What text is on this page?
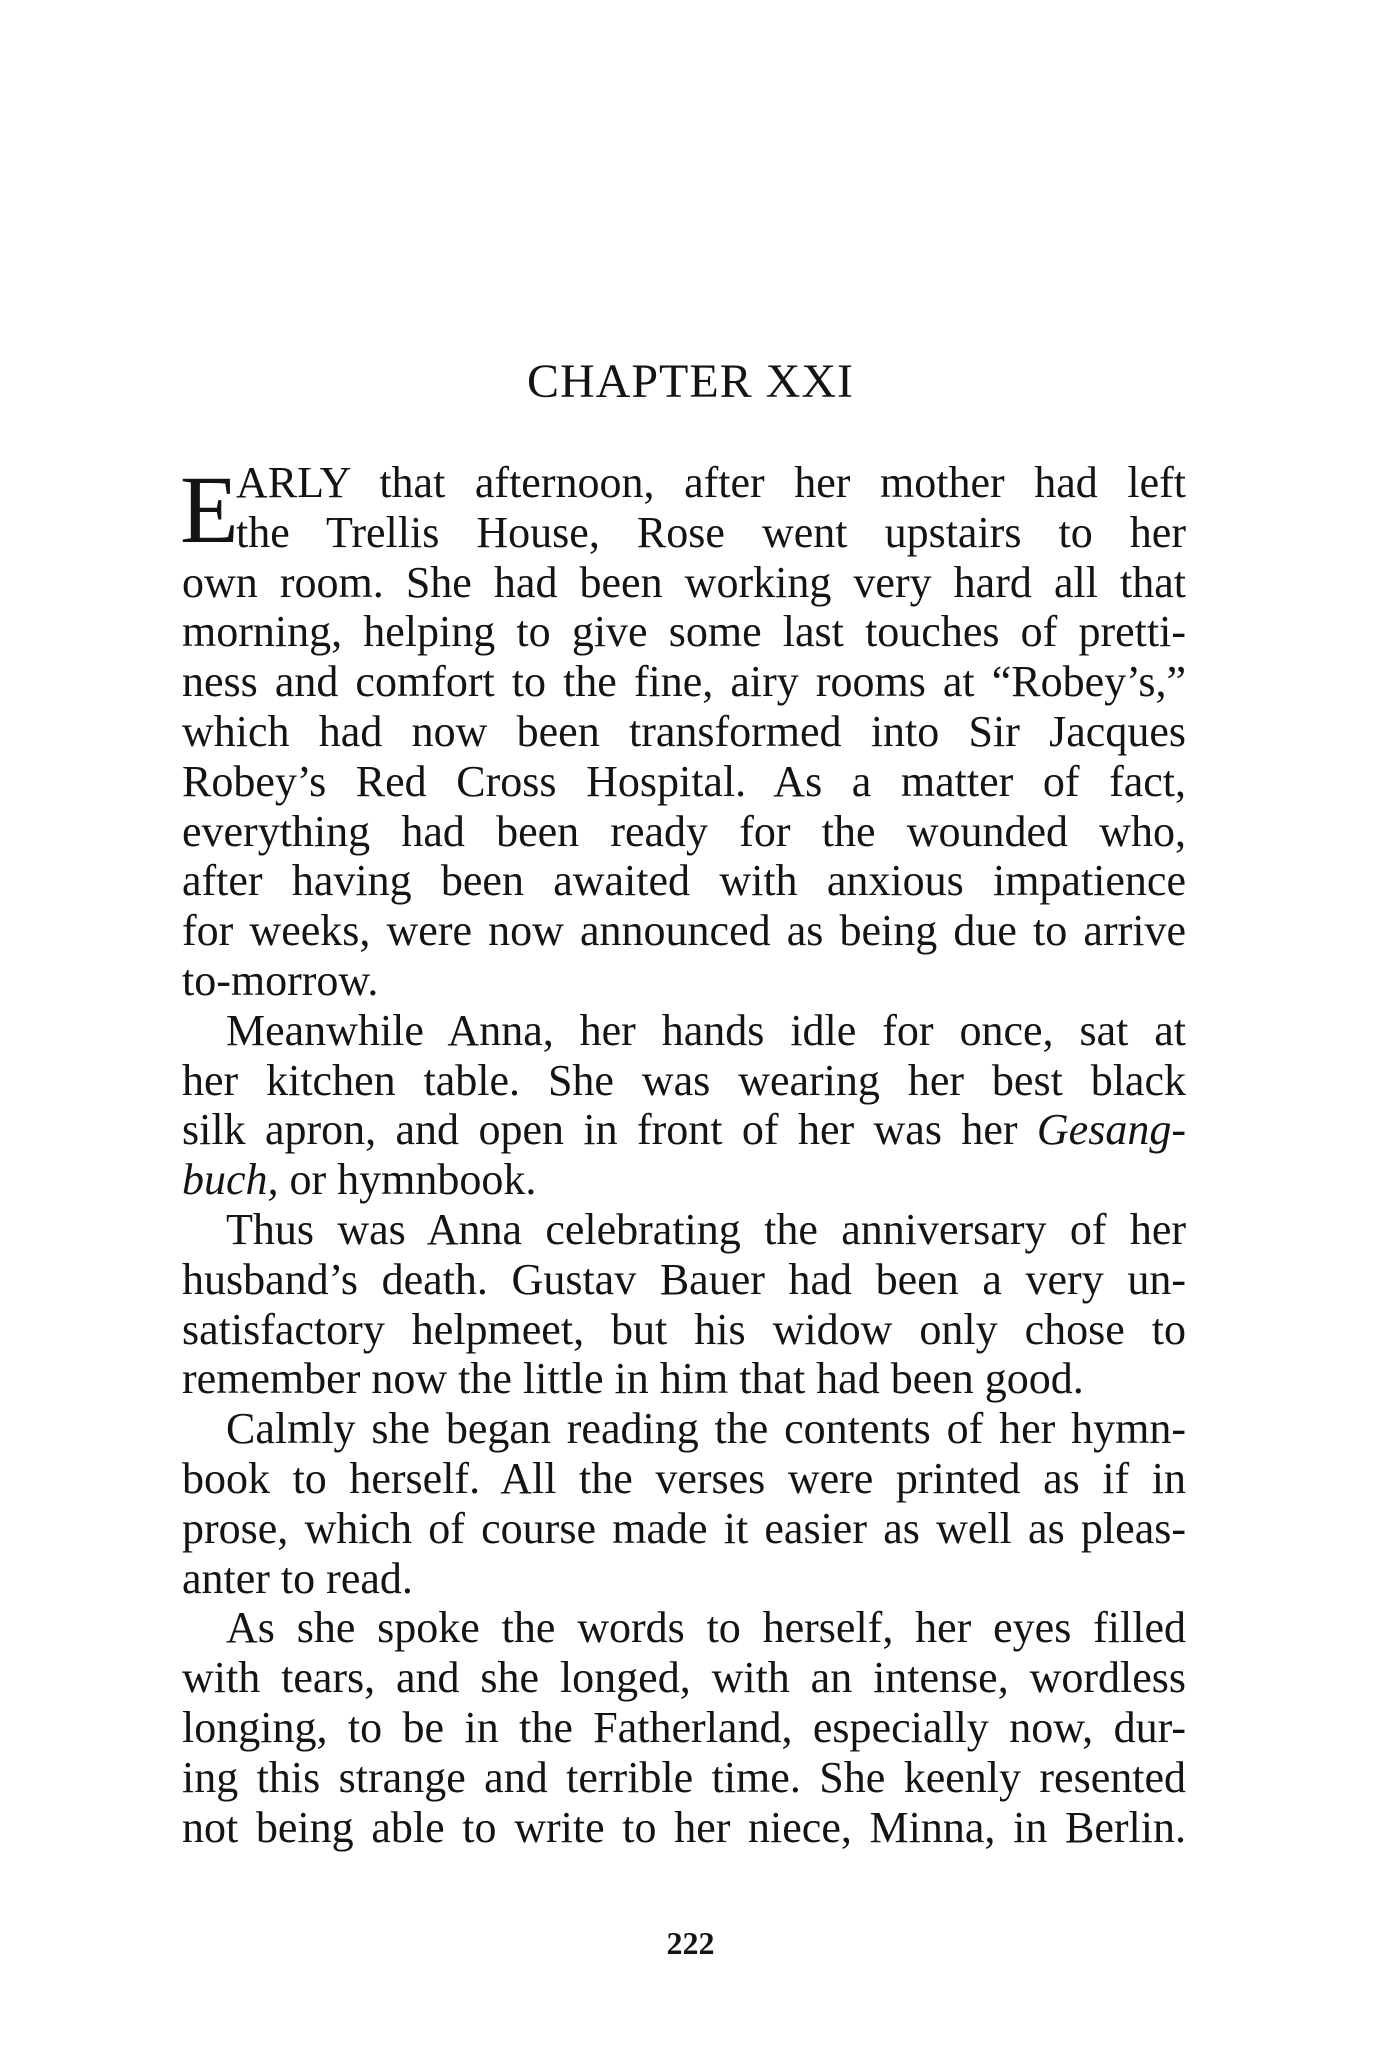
CHAPTER XXI
E
ARLY that afternoon, after her mother had left
the Trellis House, Rose went upstairs to her
own room. She had been working very hard all that
morning, helping to give some last touches of pretti-
ness and comfort to the fine, airy rooms at “Robey’s,”
which had now been transformed into Sir Jacques
Robey’s Red Cross Hospital. As a matter of fact,
everything had been ready for the wounded who,
after having been awaited with anxious impatience
for weeks, were now announced as being due to arrive
to-morrow.
Meanwhile Anna, her hands idle for once, sat at
her kitchen table. She was wearing her best black
silk apron, and open in front of her was her Gesang-
buch, or hymnbook.
Thus was Anna celebrating the anniversary of her
husband’s death. Gustav Bauer had been a very un-
satisfactory helpmeet, but his widow only chose to
remember now the little in him that had been good.
Calmly she began reading the contents of her hymn-
book to herself. All the verses were printed as if in
prose, which of course made it easier as well as pleas-
anter to read.
As she spoke the words to herself, her eyes filled
with tears, and she longed, with an intense, wordless
longing, to be in the Fatherland, especially now, dur-
ing this strange and terrible time. She keenly resented
not being able to write to her niece, Minna, in Berlin.
222
